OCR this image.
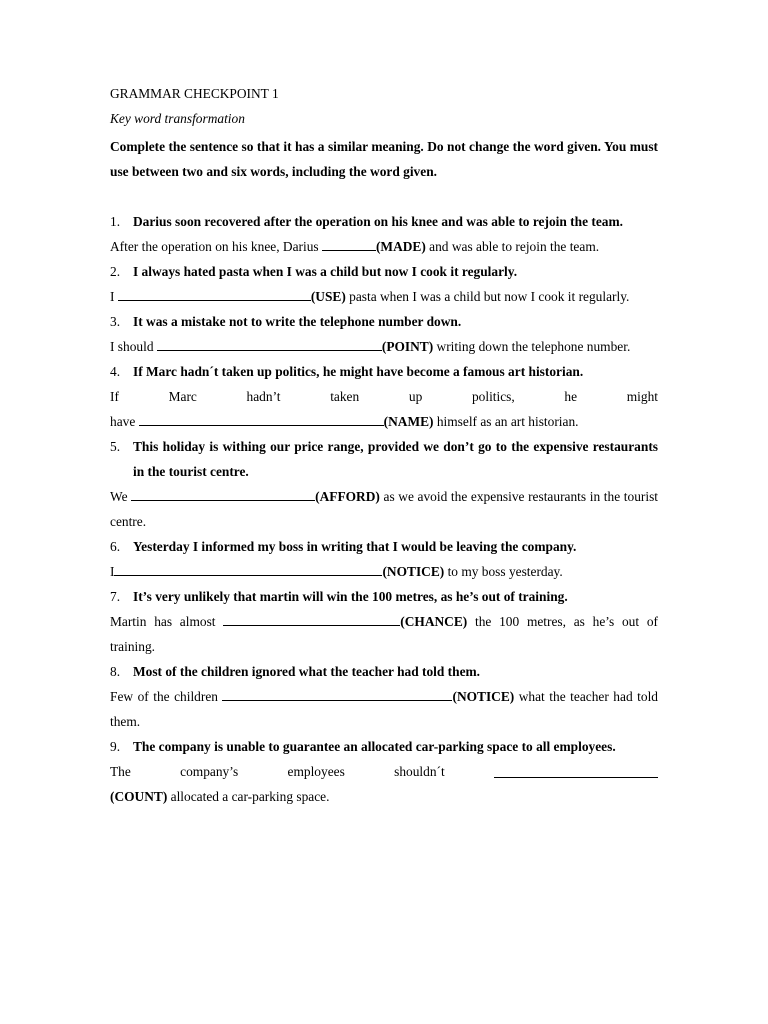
GRAMMAR CHECKPOINT 1
Key word transformation
Complete the sentence so that it has a similar meaning. Do not change the word given. You must use between two and six words, including the word given.
1. Darius soon recovered after the operation on his knee and was able to rejoin the team.
After the operation on his knee, Darius	(MADE) and was able to rejoin the team.
2. I always hated pasta when I was a child but now I cook it regularly.
I	(USE) pasta when I was a child but now I cook it regularly.
3. It was a mistake not to write the telephone number down.
I should	(POINT) writing down the telephone number.
4. If Marc hadn´t taken up politics, he might have become a famous art historian.
If Marc hadn’t taken up politics, he might
have	(NAME) himself as an art historian.
5. This holiday is withing our price range, provided we don’t go to the expensive restaurants in the tourist centre.
We	(AFFORD) as we avoid the expensive restaurants in the tourist centre.
6. Yesterday I informed my boss in writing that I would be leaving the company.
I	(NOTICE) to my boss yesterday.
7. It’s very unlikely that martin will win the 100 metres, as he’s out of training.
Martin has almost	(CHANCE) the 100 metres, as he’s out of training.
8. Most of the children ignored what the teacher had told them.
Few of the children	(NOTICE) what the teacher had told them.
9. The company is unable to guarantee an allocated car-parking space to all employees.
The company’s employees shouldn´t
(COUNT) allocated a car-parking space.
